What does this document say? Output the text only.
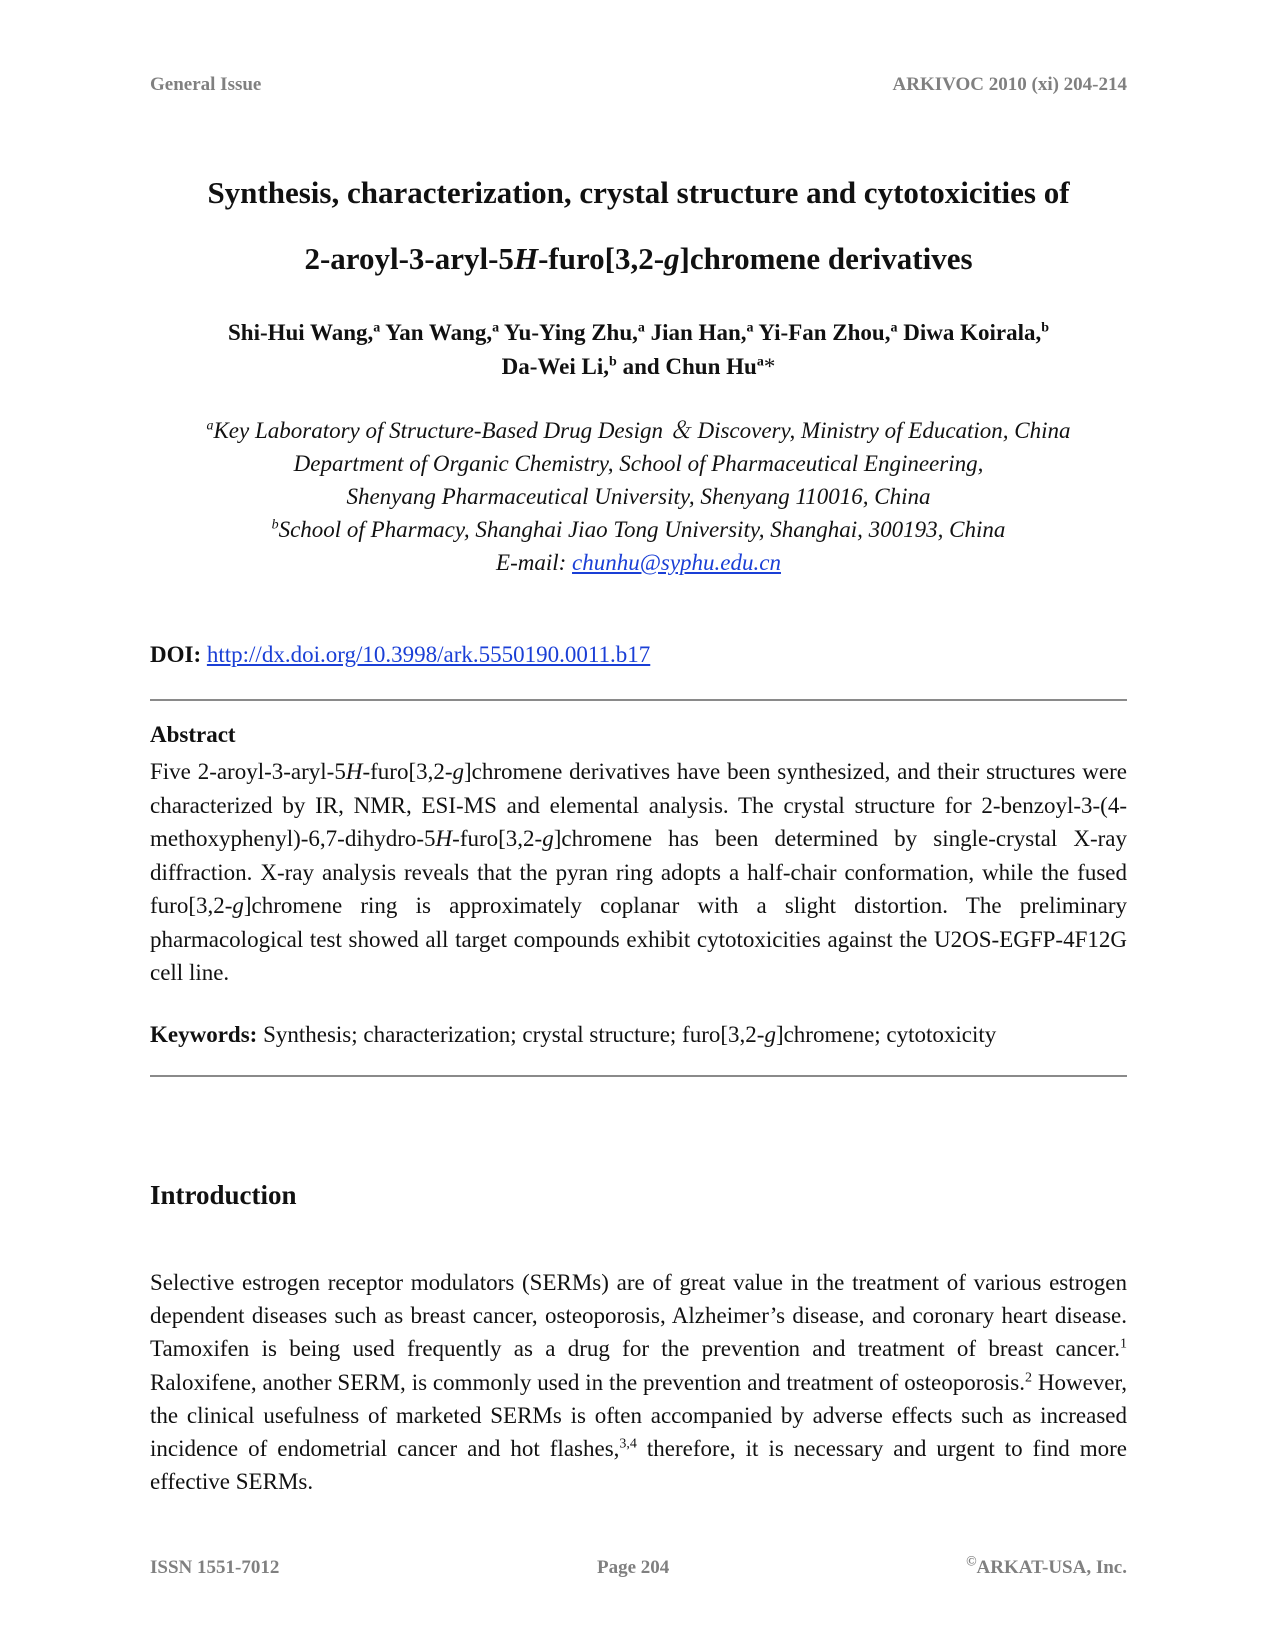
General Issue	ARKIVOC 2010 (xi) 204-214
Synthesis, characterization, crystal structure and cytotoxicities of
2-aroyl-3-aryl-5H-furo[3,2-g]chromene derivatives
Shi-Hui Wang,$^a$ Yan Wang,$^a$ Yu-Ying Zhu,$^a$ Jian Han,$^a$ Yi-Fan Zhou,$^a$ Diwa Koirala,$^b$
Da-Wei Li,$^b$ and Chun Hu$^a$*
$^a$Key Laboratory of Structure-Based Drug Design ＆ Discovery, Ministry of Education, China
Department of Organic Chemistry, School of Pharmaceutical Engineering,
Shenyang Pharmaceutical University, Shenyang 110016, China
$^b$School of Pharmacy, Shanghai Jiao Tong University, Shanghai, 300193, China
E-mail: chunhu@syphu.edu.cn
DOI: http://dx.doi.org/10.3998/ark.5550190.0011.b17
Abstract
Five 2-aroyl-3-aryl-5H-furo[3,2-g]chromene derivatives have been synthesized, and their structures were characterized by IR, NMR, ESI-MS and elemental analysis. The crystal structure for 2-benzoyl-3-(4-methoxyphenyl)-6,7-dihydro-5H-furo[3,2-g]chromene has been determined by single-crystal X-ray diffraction. X-ray analysis reveals that the pyran ring adopts a half-chair conformation, while the fused furo[3,2-g]chromene ring is approximately coplanar with a slight distortion. The preliminary pharmacological test showed all target compounds exhibit cytotoxicities against the U2OS-EGFP-4F12G cell line.
Keywords: Synthesis; characterization; crystal structure; furo[3,2-g]chromene; cytotoxicity
Introduction
Selective estrogen receptor modulators (SERMs) are of great value in the treatment of various estrogen dependent diseases such as breast cancer, osteoporosis, Alzheimer’s disease, and coronary heart disease. Tamoxifen is being used frequently as a drug for the prevention and treatment of breast cancer.$^1$ Raloxifene, another SERM, is commonly used in the prevention and treatment of osteoporosis.$^2$ However, the clinical usefulness of marketed SERMs is often accompanied by adverse effects such as increased incidence of endometrial cancer and hot flashes,$^{3,4}$ therefore, it is necessary and urgent to find more effective SERMs.
ISSN 1551-7012	Page 204	©ARKAT-USA, Inc.
